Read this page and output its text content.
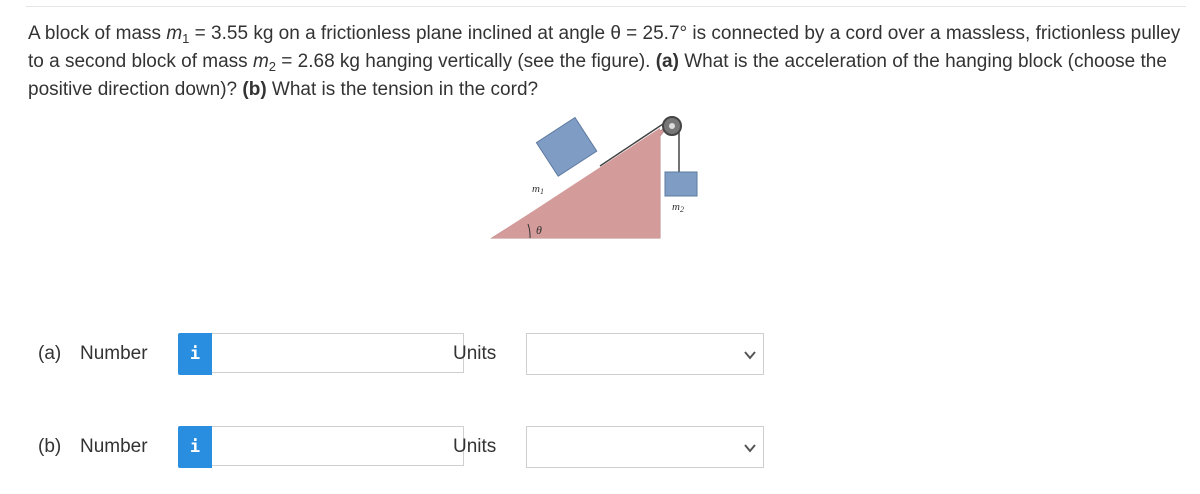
A block of mass $m_1 = 3.55$ kg on a frictionless plane inclined at angle θ = 25.7° is connected by a cord over a massless, frictionless pulley to a second block of mass $m_2 = 2.68$ kg hanging vertically (see the figure). (a) What is the acceleration of the hanging block (choose the positive direction down)? (b) What is the tension in the cord?
m1
m2
θ
(a) Number	i	Units
(b) Number	i	Units
